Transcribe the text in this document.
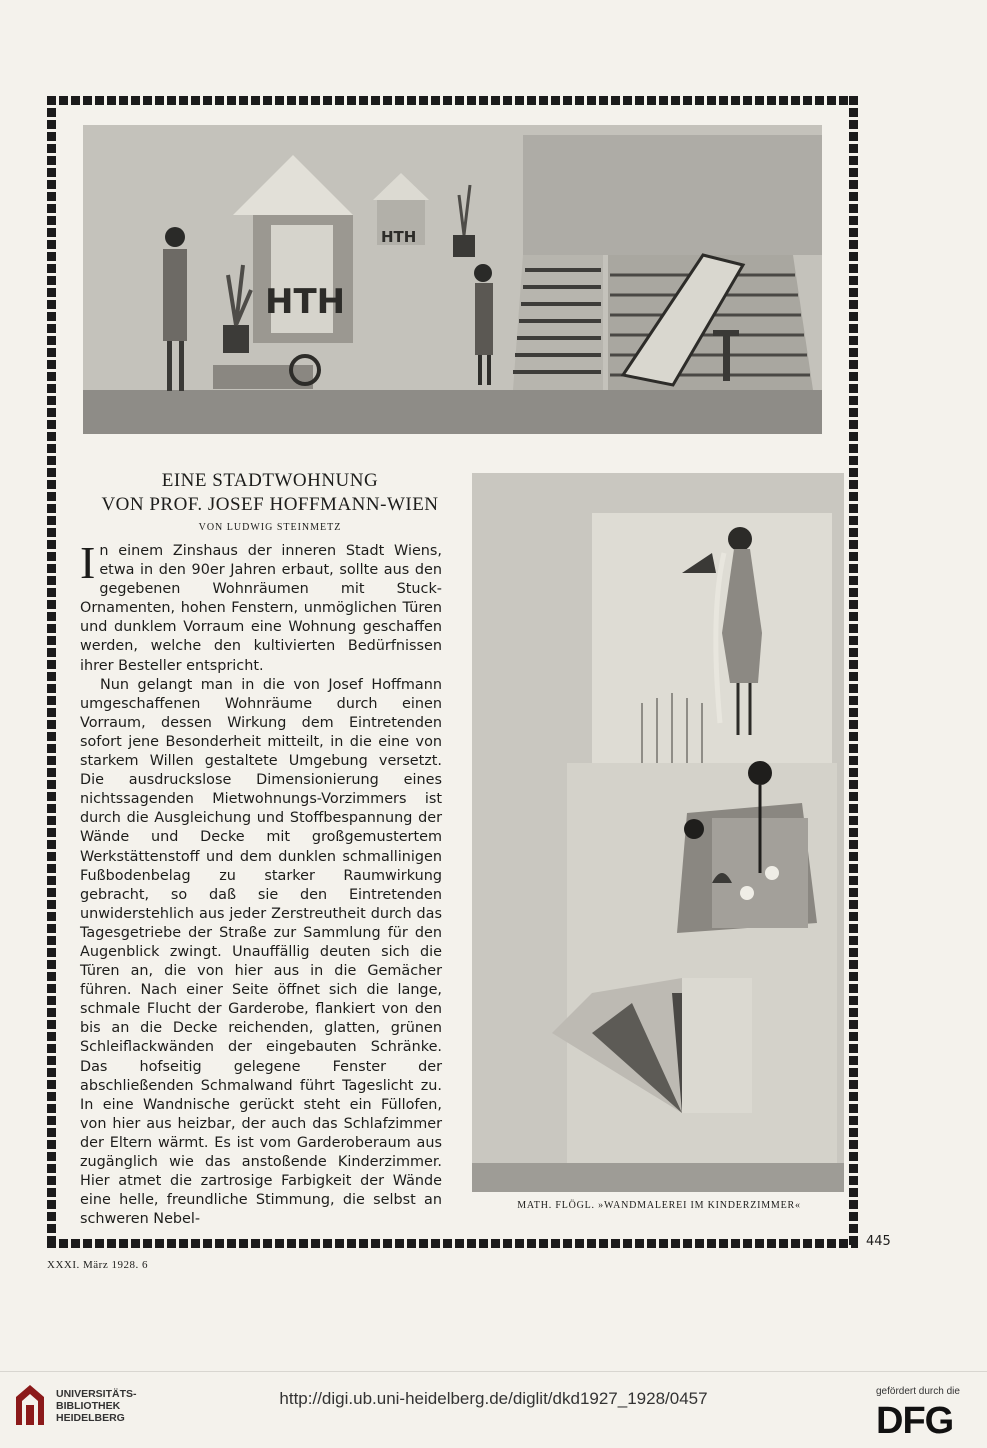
HTH
HTH
EINE STADTWOHNUNG
VON PROF. JOSEF HOFFMANN-WIEN
VON LUDWIG STEINMETZ

In einem Zinshaus der inneren Stadt Wiens, etwa in den 90er Jahren erbaut, sollte aus den gegebenen Wohnräumen mit Stuck-Ornamenten, hohen Fenstern, unmöglichen Türen und dunklem Vorraum eine Wohnung geschaffen werden, welche den kultivierten Bedürfnissen ihrer Besteller entspricht.

Nun gelangt man in die von Josef Hoffmann umgeschaffenen Wohnräume durch einen Vorraum, dessen Wirkung dem Eintretenden sofort jene Besonderheit mitteilt, in die eine von starkem Willen gestaltete Umgebung versetzt. Die ausdruckslose Dimensionierung eines nichtssagenden Mietwohnungs-Vorzimmers ist durch die Ausgleichung und Stoffbespannung der Wände und Decke mit großgemustertem Werkstättenstoff und dem dunklen schmallinigen Fußbodenbelag zu starker Raumwirkung gebracht, so daß sie den Eintretenden unwiderstehlich aus jeder Zerstreutheit durch das Tagesgetriebe der Straße zur Sammlung für den Augenblick zwingt. Unauffällig deuten sich die Türen an, die von hier aus in die Gemächer führen. Nach einer Seite öffnet sich die lange, schmale Flucht der Garderobe, flankiert von den bis an die Decke reichenden, glatten, grünen Schleiflackwänden der eingebauten Schränke. Das hofseitig gelegene Fenster der abschließenden Schmalwand führt Tageslicht zu. In eine Wandnische gerückt steht ein Füllofen, von hier aus heizbar, der auch das Schlafzimmer der Eltern wärmt. Es ist vom Garderoberaum aus zugänglich wie das anstoßende Kinderzimmer. Hier atmet die zartrosige Farbigkeit der Wände eine helle, freundliche Stimmung, die selbst an schweren Nebel-

MATH. FLÖGL. »WANDMALEREI IM KINDERZIMMER«
445
XXXI. März 1928. 6
UNIVERSITÄTS-
BIBLIOTHEK
HEIDELBERG
http://digi.ub.uni-heidelberg.de/diglit/dkd1927_1928/0457	gefördert durch die
DFG
